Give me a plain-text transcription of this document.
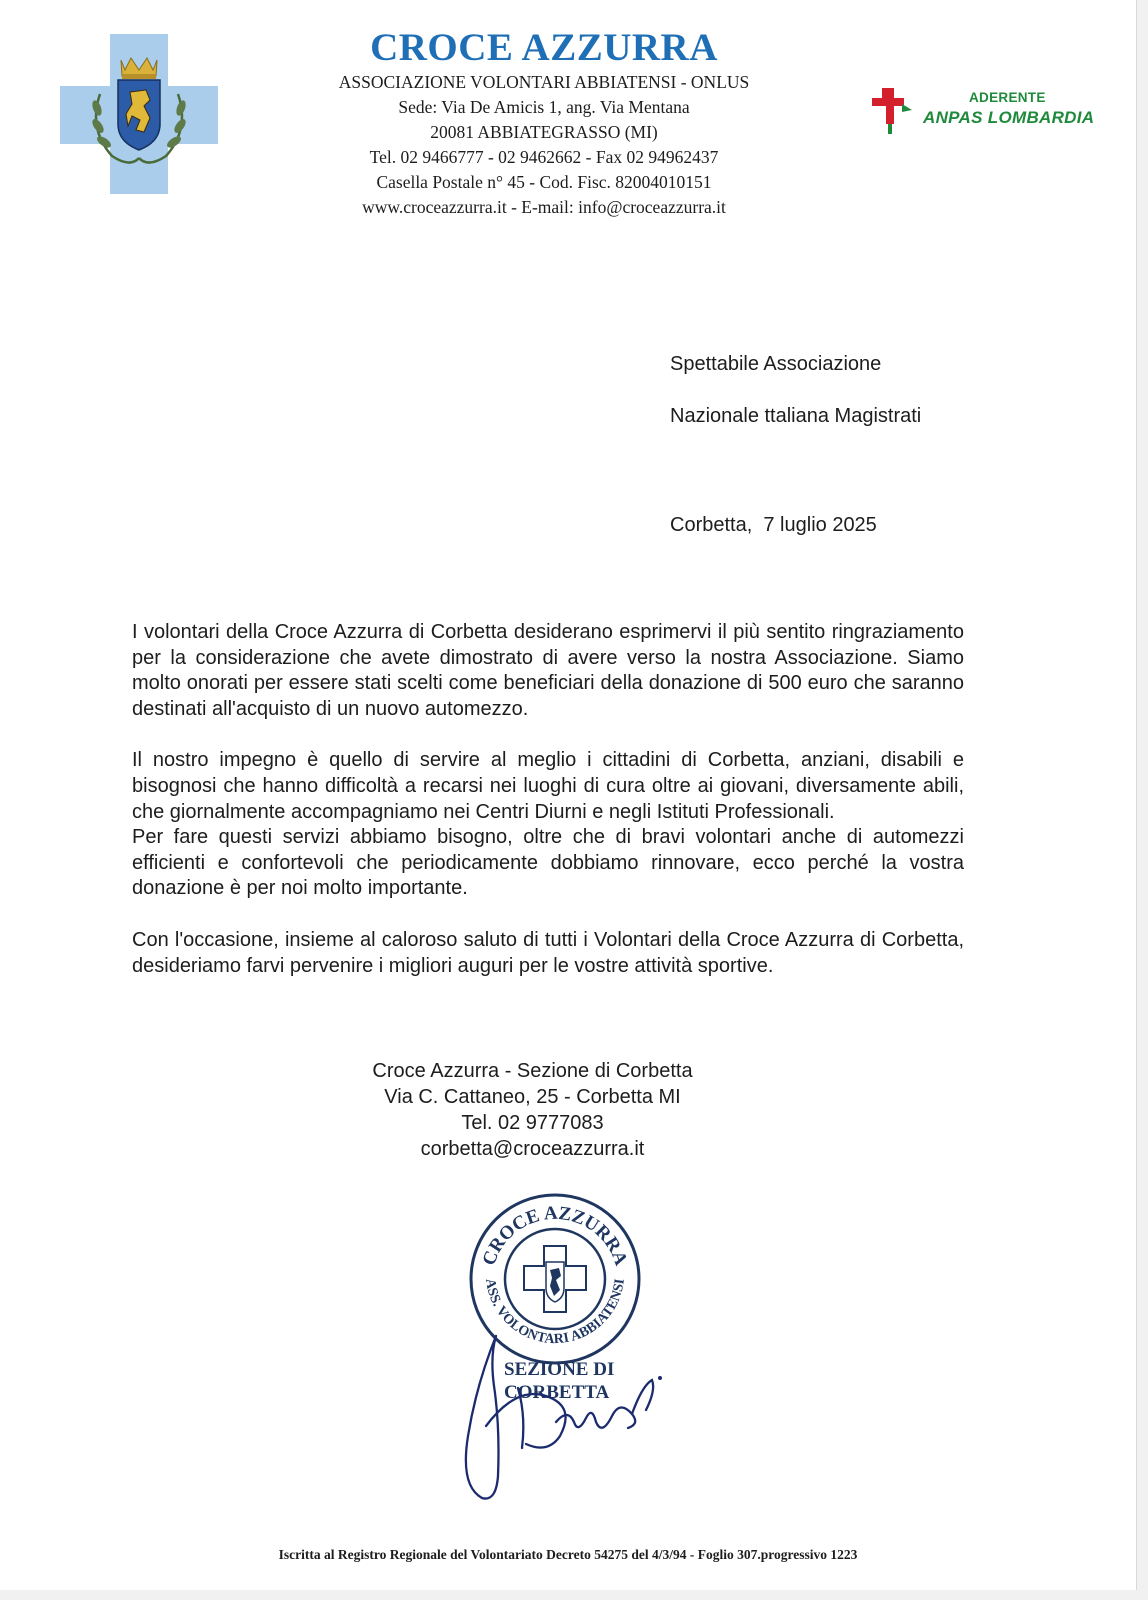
CROCE AZZURRA
ASSOCIAZIONE VOLONTARI ABBIATENSI - ONLUS
Sede: Via De Amicis 1, ang. Via Mentana
20081 ABBIATEGRASSO (MI)
Tel. 02 9466777 - 02 9462662 - Fax 02 94962437
Casella Postale n° 45 - Cod. Fisc. 82004010151
www.croceazzurra.it - E-mail: info@croceazzurra.it
ADERENTE
ANPAS LOMBARDIA
Spettabile Associazione
Nazionale ttaliana Magistrati
Corbetta,  7 luglio 2025

I volontari della Croce Azzurra di Corbetta desiderano esprimervi il più sentito ringraziamento per la considerazione che avete dimostrato di avere verso la nostra Associazione. Siamo molto onorati per essere stati scelti come beneficiari della donazione di 500 euro che saranno destinati all'acquisto di un nuovo automezzo.

Il nostro impegno è quello di servire al meglio i cittadini di Corbetta, anziani, disabili e bisognosi che hanno difficoltà a recarsi nei luoghi di cura oltre ai giovani, diversamente abili, che giornalmente accompagniamo nei Centri Diurni e negli Istituti Professionali.

Per fare questi servizi abbiamo bisogno, oltre che di bravi volontari anche di automezzi efficienti e confortevoli che periodicamente dobbiamo rinnovare, ecco perché la vostra donazione è per noi molto importante.

Con l'occasione, insieme al caloroso saluto di tutti i Volontari della Croce Azzurra di Corbetta, desideriamo farvi pervenire i migliori auguri per le vostre attività sportive.

Croce Azzurra - Sezione di Corbetta
Via C. Cattaneo, 25 - Corbetta MI
Tel. 02 9777083
corbetta@croceazzurra.it
CROCE AZZURRA
ASS. VOLONTARI ABBIATENSI
SEZIONE DI
CORBETTA
Iscritta al Registro Regionale del Volontariato Decreto 54275 del 4/3/94 - Foglio 307.progressivo 1223
